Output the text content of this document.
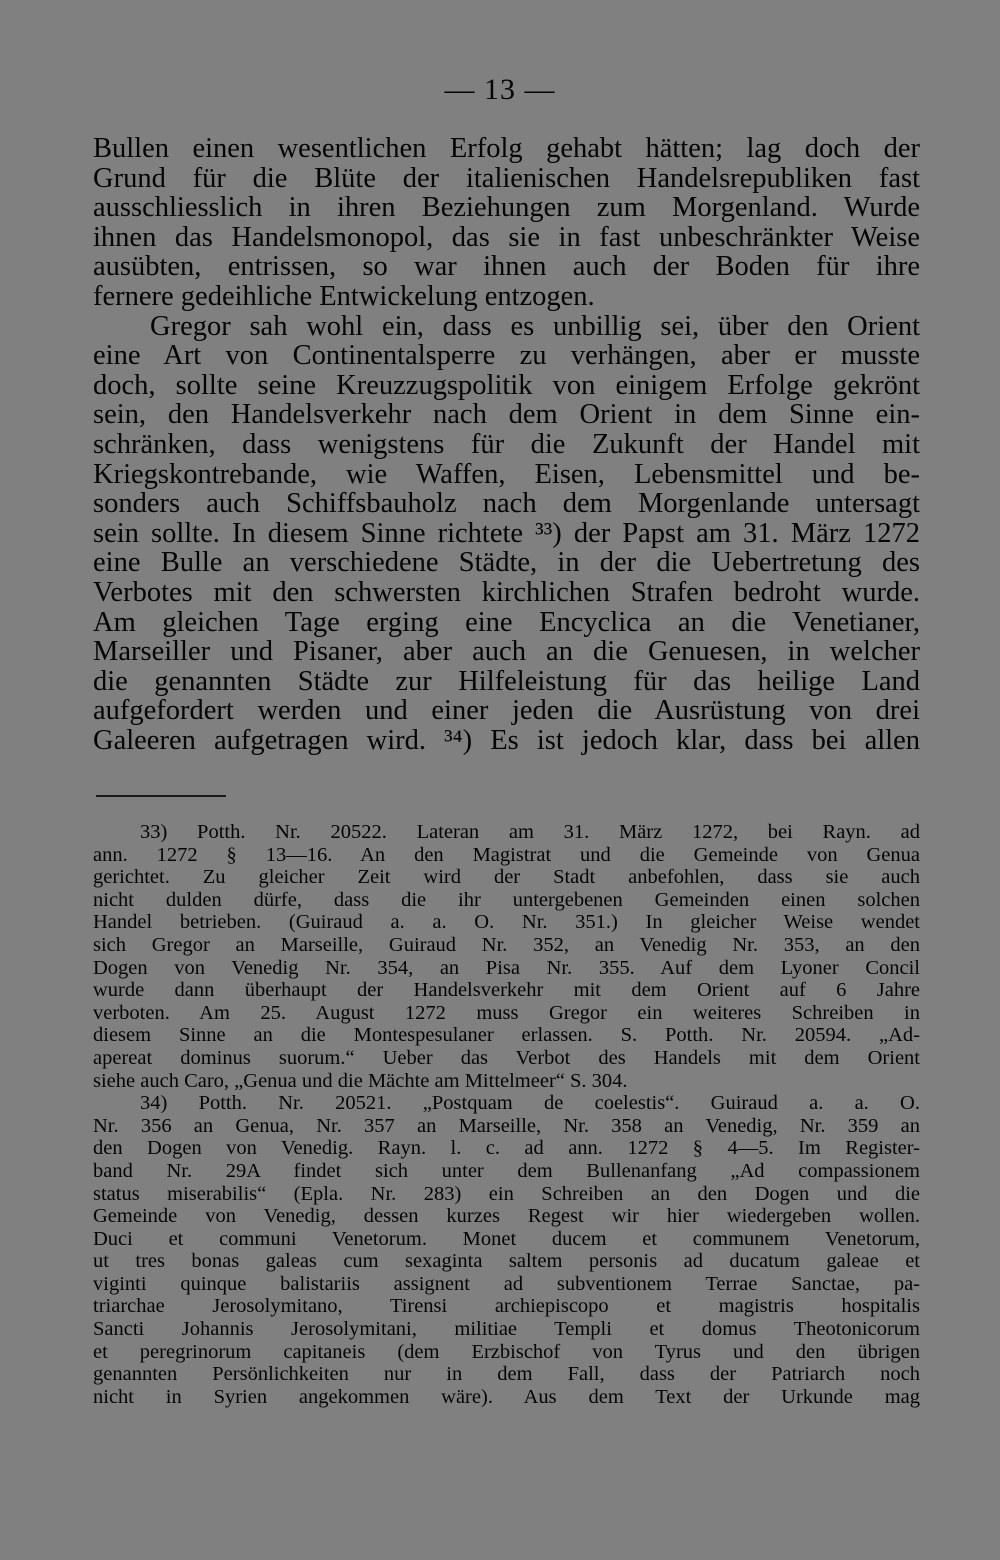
— 13 —
Bullen einen wesentlichen Erfolg gehabt hätten; lag doch der
Grund für die Blüte der italienischen Handelsrepubliken fast
ausschliesslich in ihren Beziehungen zum Morgenland. Wurde
ihnen das Handelsmonopol, das sie in fast unbeschränkter Weise
ausübten, entrissen, so war ihnen auch der Boden für ihre
fernere gedeihliche Entwickelung entzogen.
Gregor sah wohl ein, dass es unbillig sei, über den Orient
eine Art von Continentalsperre zu verhängen, aber er musste
doch, sollte seine Kreuzzugspolitik von einigem Erfolge gekrönt
sein, den Handelsverkehr nach dem Orient in dem Sinne ein-
schränken, dass wenigstens für die Zukunft der Handel mit
Kriegskontrebande, wie Waffen, Eisen, Lebensmittel und be-
sonders auch Schiffsbauholz nach dem Morgenlande untersagt
sein sollte. In diesem Sinne richtete ³³) der Papst am 31. März 1272
eine Bulle an verschiedene Städte, in der die Uebertretung des
Verbotes mit den schwersten kirchlichen Strafen bedroht wurde.
Am gleichen Tage erging eine Encyclica an die Venetianer,
Marseiller und Pisaner, aber auch an die Genuesen, in welcher
die genannten Städte zur Hilfeleistung für das heilige Land
aufgefordert werden und einer jeden die Ausrüstung von drei
Galeeren aufgetragen wird. ³⁴) Es ist jedoch klar, dass bei allen
33) Potth. Nr. 20522. Lateran am 31. März 1272, bei Rayn. ad
ann. 1272 § 13—16. An den Magistrat und die Gemeinde von Genua
gerichtet. Zu gleicher Zeit wird der Stadt anbefohlen, dass sie auch
nicht dulden dürfe, dass die ihr untergebenen Gemeinden einen solchen
Handel betrieben. (Guiraud a. a. O. Nr. 351.) In gleicher Weise wendet
sich Gregor an Marseille, Guiraud Nr. 352, an Venedig Nr. 353, an den
Dogen von Venedig Nr. 354, an Pisa Nr. 355. Auf dem Lyoner Concil
wurde dann überhaupt der Handelsverkehr mit dem Orient auf 6 Jahre
verboten. Am 25. August 1272 muss Gregor ein weiteres Schreiben in
diesem Sinne an die Montespesulaner erlassen. S. Potth. Nr. 20594. „Ad-
apereat dominus suorum.“ Ueber das Verbot des Handels mit dem Orient
siehe auch Caro, „Genua und die Mächte am Mittelmeer“ S. 304.
34) Potth. Nr. 20521. „Postquam de coelestis“. Guiraud a. a. O.
Nr. 356 an Genua, Nr. 357 an Marseille, Nr. 358 an Venedig, Nr. 359 an
den Dogen von Venedig. Rayn. l. c. ad ann. 1272 § 4—5. Im Register-
band Nr. 29A findet sich unter dem Bullenanfang „Ad compassionem
status miserabilis“ (Epla. Nr. 283) ein Schreiben an den Dogen und die
Gemeinde von Venedig, dessen kurzes Regest wir hier wiedergeben wollen.
Duci et communi Venetorum. Monet ducem et communem Venetorum,
ut tres bonas galeas cum sexaginta saltem personis ad ducatum galeae et
viginti quinque balistariis assignent ad subventionem Terrae Sanctae, pa-
triarchae Jerosolymitano, Tirensi archiepiscopo et magistris hospitalis
Sancti Johannis Jerosolymitani, militiae Templi et domus Theotonicorum
et peregrinorum capitaneis (dem Erzbischof von Tyrus und den übrigen
genannten Persönlichkeiten nur in dem Fall, dass der Patriarch noch
nicht in Syrien angekommen wäre). Aus dem Text der Urkunde mag
